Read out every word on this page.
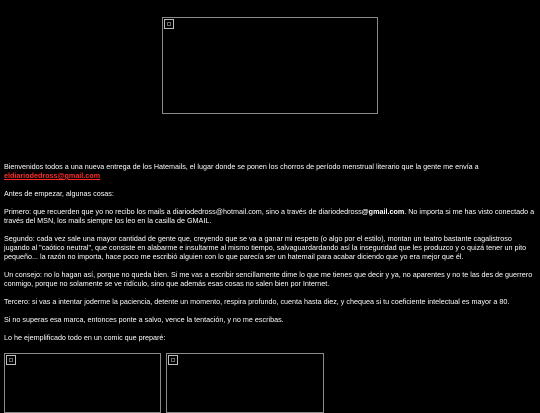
Bienvenidos todos a una nueva entrega de los Hatemails, el lugar donde se ponen los chorros de período menstrual literario que la gente me envía a eldiariodedross@gmail.com

Antes de empezar, algunas cosas:

Primero: que recuerden que yo no recibo los mails a diariodedross@hotmail.com, sino a través de diariodedross@gmail.com. No importa si me has visto conectado a través del MSN, los mails siempre los leo en la casilla de GMAIL.

Segundo: cada vez sale una mayor cantidad de gente que, creyendo que se va a ganar mi respeto (o algo por el estilo), montan un teatro bastante cagalistroso jugando al "caótico neutral", que consiste en alabarme e insultarme al mismo tiempo, salvaguardardando así la inseguridad que les produzco y o quizá tener un pito pequeño... la razón no importa, hace poco me escribió alguien con lo que parecía ser un hatemail para acabar diciendo que yo era mejor que él.

Un consejo: no lo hagan así, porque no queda bien. Si me vas a escribir sencillamente dime lo que me tienes que decir y ya, no aparentes y no te las des de guerrero conmigo, porque no solamente se ve ridículo, sino que además esas cosas no salen bien por Internet.

Tercero: si vas a intentar joderme la paciencia, detente un momento, respira profundo, cuenta hasta diez, y chequea si tu coeficiente intelectual es mayor a 80.

Si no superas esa marca, entonces ponte a salvo, vence la tentación, y no me escribas.

Lo he ejemplificado todo en un comic que preparé:
